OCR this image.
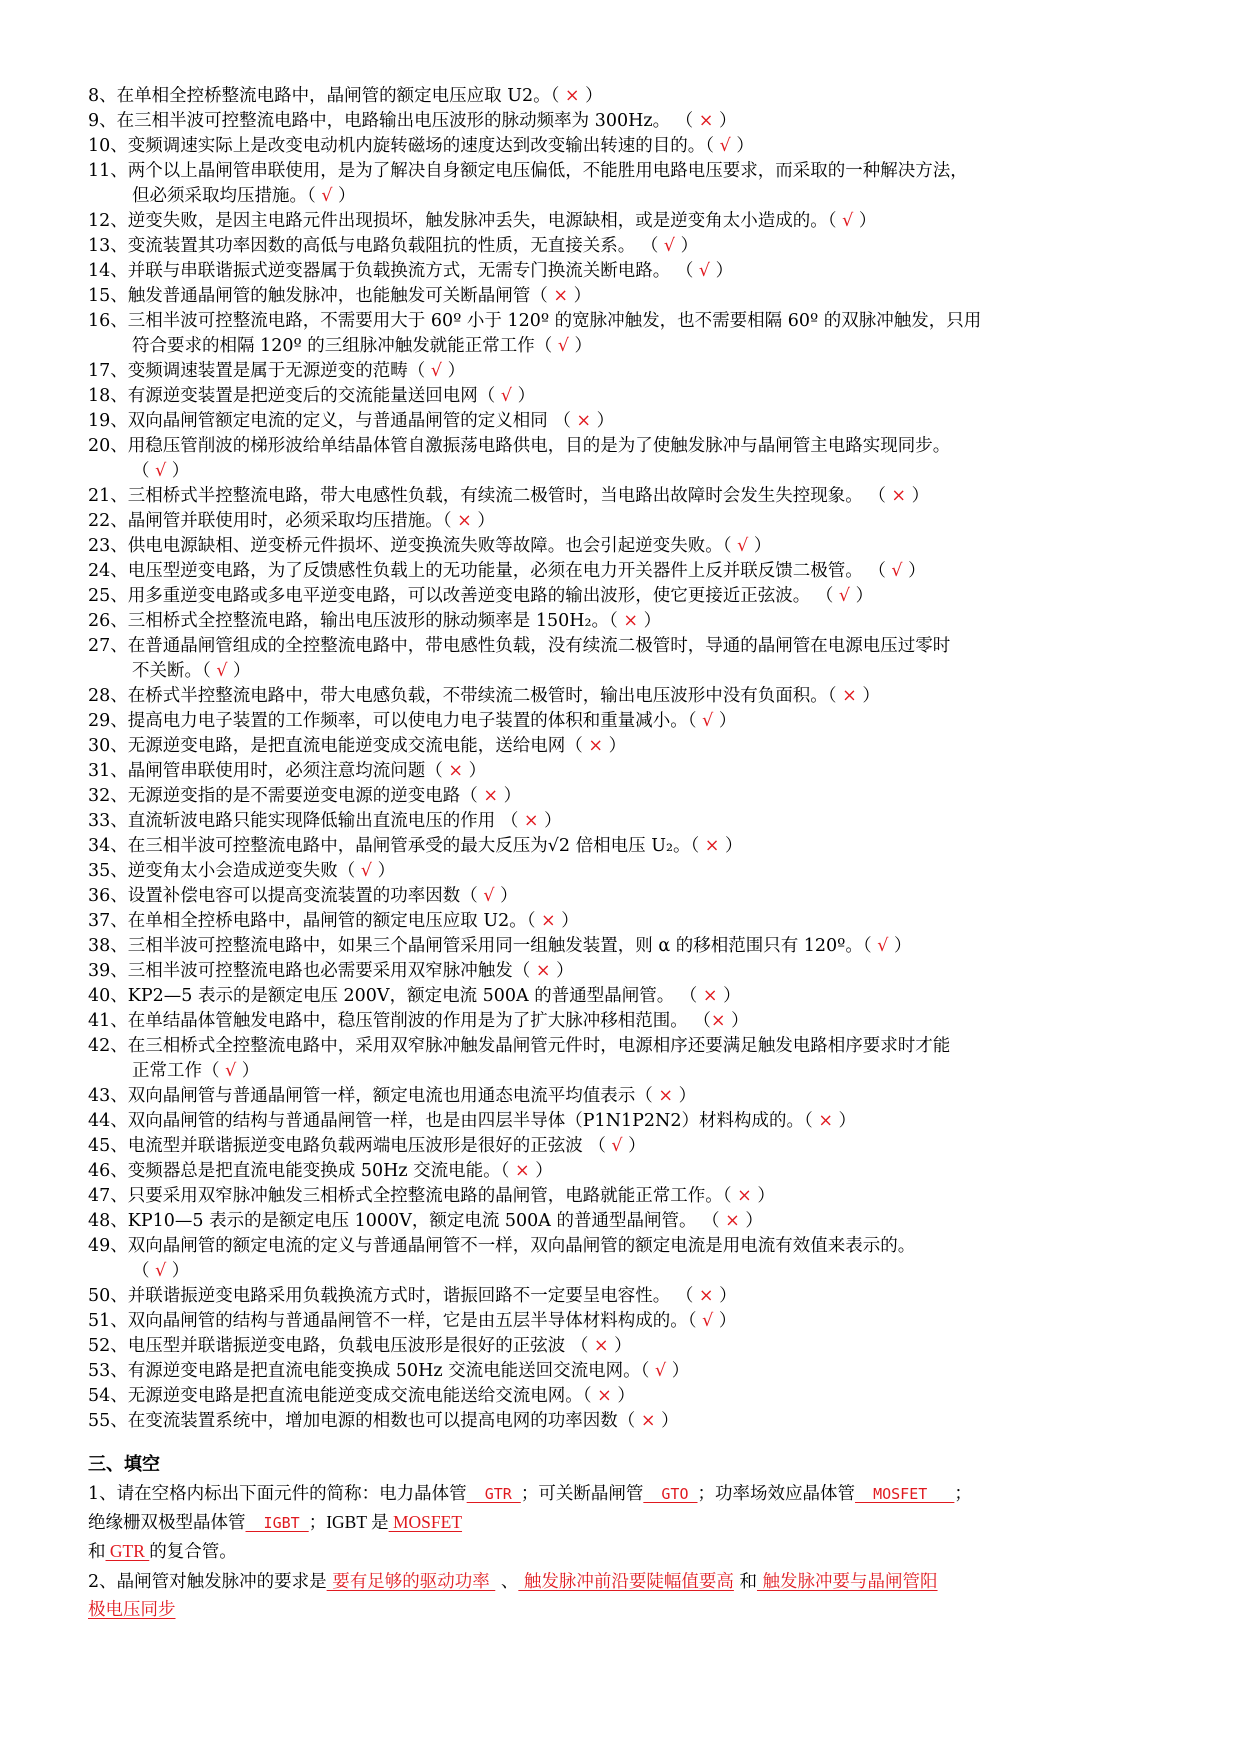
8、在单相全控桥整流电路中，晶闸管的额定电压应取 U2。（ × ）
9、在三相半波可控整流电路中，电路输出电压波形的脉动频率为 300Hz。 （ × ）
10、变频调速实际上是改变电动机内旋转磁场的速度达到改变输出转速的目的。（ √ ）
11、两个以上晶闸管串联使用，是为了解决自身额定电压偏低，不能胜用电路电压要求，而采取的一种解决方法，
但必须采取均压措施。（ √ ）
12、逆变失败，是因主电路元件出现损坏，触发脉冲丢失，电源缺相，或是逆变角太小造成的。（ √ ）
13、变流装置其功率因数的高低与电路负载阻抗的性质，无直接关系。 （ √ ）
14、并联与串联谐振式逆变器属于负载换流方式，无需专门换流关断电路。 （ √ ）
15、触发普通晶闸管的触发脉冲，也能触发可关断晶闸管（ × ）
16、三相半波可控整流电路，不需要用大于 60º 小于 120º 的宽脉冲触发，也不需要相隔 60º 的双脉冲触发，只用
符合要求的相隔 120º 的三组脉冲触发就能正常工作（ √ ）
17、变频调速装置是属于无源逆变的范畴（ √ ）
18、有源逆变装置是把逆变后的交流能量送回电网（ √ ）
19、双向晶闸管额定电流的定义，与普通晶闸管的定义相同 （ × ）
20、用稳压管削波的梯形波给单结晶体管自激振荡电路供电，目的是为了使触发脉冲与晶闸管主电路实现同步。
（ √ ）
21、三相桥式半控整流电路，带大电感性负载，有续流二极管时，当电路出故障时会发生失控现象。 （ × ）
22、晶闸管并联使用时，必须采取均压措施。（ × ）
23、供电电源缺相、逆变桥元件损坏、逆变换流失败等故障。也会引起逆变失败。（ √ ）
24、电压型逆变电路，为了反馈感性负载上的无功能量，必须在电力开关器件上反并联反馈二极管。 （ √ ）
25、用多重逆变电路或多电平逆变电路，可以改善逆变电路的输出波形，使它更接近正弦波。 （ √ ）
26、三相桥式全控整流电路，输出电压波形的脉动频率是 150H₂。（ × ）
27、在普通晶闸管组成的全控整流电路中，带电感性负载，没有续流二极管时，导通的晶闸管在电源电压过零时
不关断。（ √ ）
28、在桥式半控整流电路中，带大电感负载，不带续流二极管时，输出电压波形中没有负面积。（ × ）
29、提高电力电子装置的工作频率，可以使电力电子装置的体积和重量减小。（ √ ）
30、无源逆变电路，是把直流电能逆变成交流电能，送给电网（ × ）
31、晶闸管串联使用时，必须注意均流问题（ × ）
32、无源逆变指的是不需要逆变电源的逆变电路（ × ）
33、直流斩波电路只能实现降低输出直流电压的作用 （ × ）
34、在三相半波可控整流电路中，晶闸管承受的最大反压为√2 倍相电压 U₂。（ × ）
35、逆变角太小会造成逆变失败（ √ ）
36、设置补偿电容可以提高变流装置的功率因数（ √ ）
37、在单相全控桥电路中，晶闸管的额定电压应取 U2。（ × ）
38、三相半波可控整流电路中，如果三个晶闸管采用同一组触发装置，则 α 的移相范围只有 120º。（ √ ）
39、三相半波可控整流电路也必需要采用双窄脉冲触发（ × ）
40、KP2—5 表示的是额定电压 200V，额定电流 500A 的普通型晶闸管。 （ × ）
41、在单结晶体管触发电路中，稳压管削波的作用是为了扩大脉冲移相范围。 （× ）
42、在三相桥式全控整流电路中，采用双窄脉冲触发晶闸管元件时，电源相序还要满足触发电路相序要求时才能
正常工作（ √ ）
43、双向晶闸管与普通晶闸管一样，额定电流也用通态电流平均值表示（ × ）
44、双向晶闸管的结构与普通晶闸管一样，也是由四层半导体（P1N1P2N2）材料构成的。（ × ）
45、电流型并联谐振逆变电路负载两端电压波形是很好的正弦波 （ √ ）
46、变频器总是把直流电能变换成 50Hz 交流电能。（ × ）
47、只要采用双窄脉冲触发三相桥式全控整流电路的晶闸管，电路就能正常工作。（ × ）
48、KP10—5 表示的是额定电压 1000V，额定电流 500A 的普通型晶闸管。 （ × ）
49、双向晶闸管的额定电流的定义与普通晶闸管不一样，双向晶闸管的额定电流是用电流有效值来表示的。
（ √ ）
50、并联谐振逆变电路采用负载换流方式时，谐振回路不一定要呈电容性。 （ × ）
51、双向晶闸管的结构与普通晶闸管不一样，它是由五层半导体材料构成的。（ √ ）
52、电压型并联谐振逆变电路，负载电压波形是很好的正弦波 （ × ）
53、有源逆变电路是把直流电能变换成 50Hz 交流电能送回交流电网。（ √ ）
54、无源逆变电路是把直流电能逆变成交流电能送给交流电网。（ × ）
55、在变流装置系统中，增加电源的相数也可以提高电网的功率因数（ × ）
三、填空
1、请在空格内标出下面元件的简称：电力晶体管  GTR ；可关断晶闸管  GTO ；功率场效应晶体管  MOSFET   ；
绝缘栅双极型晶体管  IGBT ；IGBT 是 MOSFET
和 GTR 的复合管。
2、晶闸管对触发脉冲的要求是 要有足够的驱动功率  、 触发脉冲前沿要陡幅值要高 和 触发脉冲要与晶闸管阳
极电压同步
